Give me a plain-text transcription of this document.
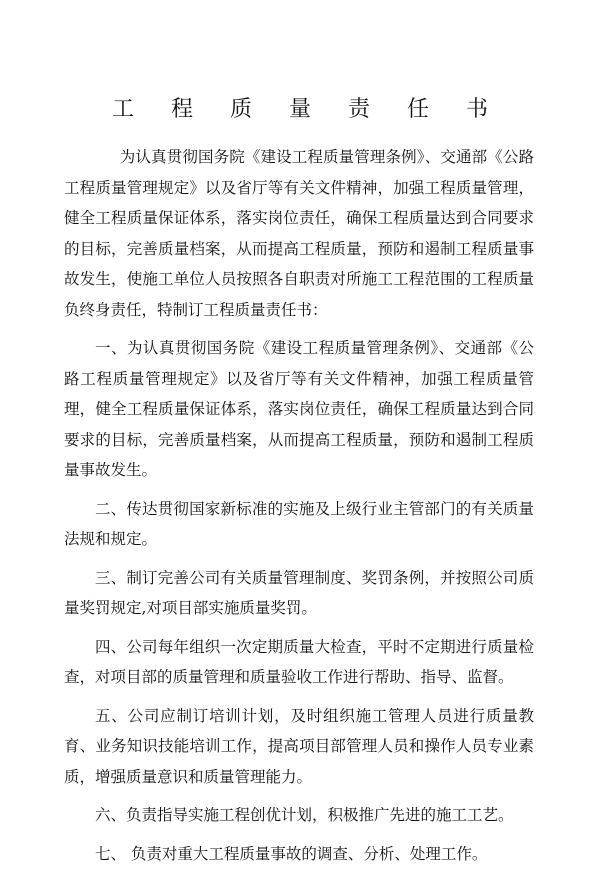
工 程 质 量 责 任 书

为认真贯彻国务院《建设工程质量管理条例》、交通部《公路工程质量管理规定》以及省厅等有关文件精神，加强工程质量管理，健全工程质量保证体系，落实岗位责任，确保工程质量达到合同要求的目标，完善质量档案，从而提高工程质量，预防和遏制工程质量事故发生，使施工单位人员按照各自职责对所施工工程范围的工程质量负终身责任，特制订工程质量责任书：

一、为认真贯彻国务院《建设工程质量管理条例》、交通部《公路工程质量管理规定》以及省厅等有关文件精神，加强工程质量管理，健全工程质量保证体系，落实岗位责任，确保工程质量达到合同要求的目标，完善质量档案，从而提高工程质量，预防和遏制工程质量事故发生。

二、传达贯彻国家新标准的实施及上级行业主管部门的有关质量法规和规定。

三、制订完善公司有关质量管理制度、奖罚条例，并按照公司质量奖罚规定,对项目部实施质量奖罚。

四、公司每年组织一次定期质量大检查，平时不定期进行质量检查，对项目部的质量管理和质量验收工作进行帮助、指导、监督。

五、公司应制订培训计划，及时组织施工管理人员进行质量教育、业务知识技能培训工作，提高项目部管理人员和操作人员专业素质，增强质量意识和质量管理能力。

六、负责指导实施工程创优计划，积极推广先进的施工工艺。

七、 负责对重大工程质量事故的调查、分析、处理工作。
